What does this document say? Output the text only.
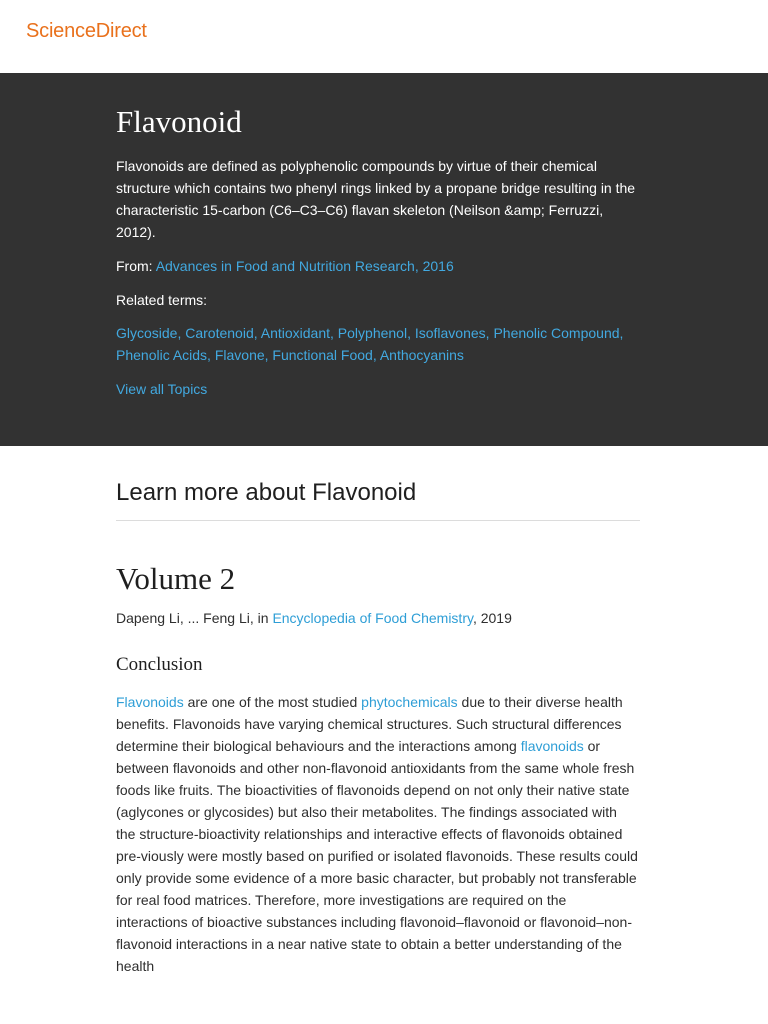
ScienceDirect
Flavonoid

Flavonoids are defined as polyphenolic compounds by virtue of their chemical structure which contains two phenyl rings linked by a propane bridge resulting in the characteristic 15-carbon (C6–C3–C6) flavan skeleton (Neilson &amp; Ferruzzi, 2012).

From: Advances in Food and Nutrition Research, 2016

Related terms:

Glycoside, Carotenoid, Antioxidant, Polyphenol, Isoflavones, Phenolic Compound, Phenolic Acids, Flavone, Functional Food, Anthocyanins

View all Topics
Learn more about Flavonoid
Volume 2

Dapeng Li, ... Feng Li, in Encyclopedia of Food Chemistry, 2019

Conclusion

Flavonoids are one of the most studied phytochemicals due to their diverse health benefits. Flavonoids have varying chemical structures. Such structural differences determine their biological behaviours and the interactions among flavonoids or between flavonoids and other non-flavonoid antioxidants from the same whole fresh foods like fruits. The bioactivities of flavonoids depend on not only their native state (aglycones or glycosides) but also their metabolites. The findings associated with the structure-bioactivity relationships and interactive effects of flavonoids obtained pre-viously were mostly based on purified or isolated flavonoids. These results could only provide some evidence of a more basic character, but probably not transferable for real food matrices. Therefore, more investigations are required on the interactions of bioactive substances including flavonoid–flavonoid or flavonoid–non-flavonoid interactions in a near native state to obtain a better understanding of the health
